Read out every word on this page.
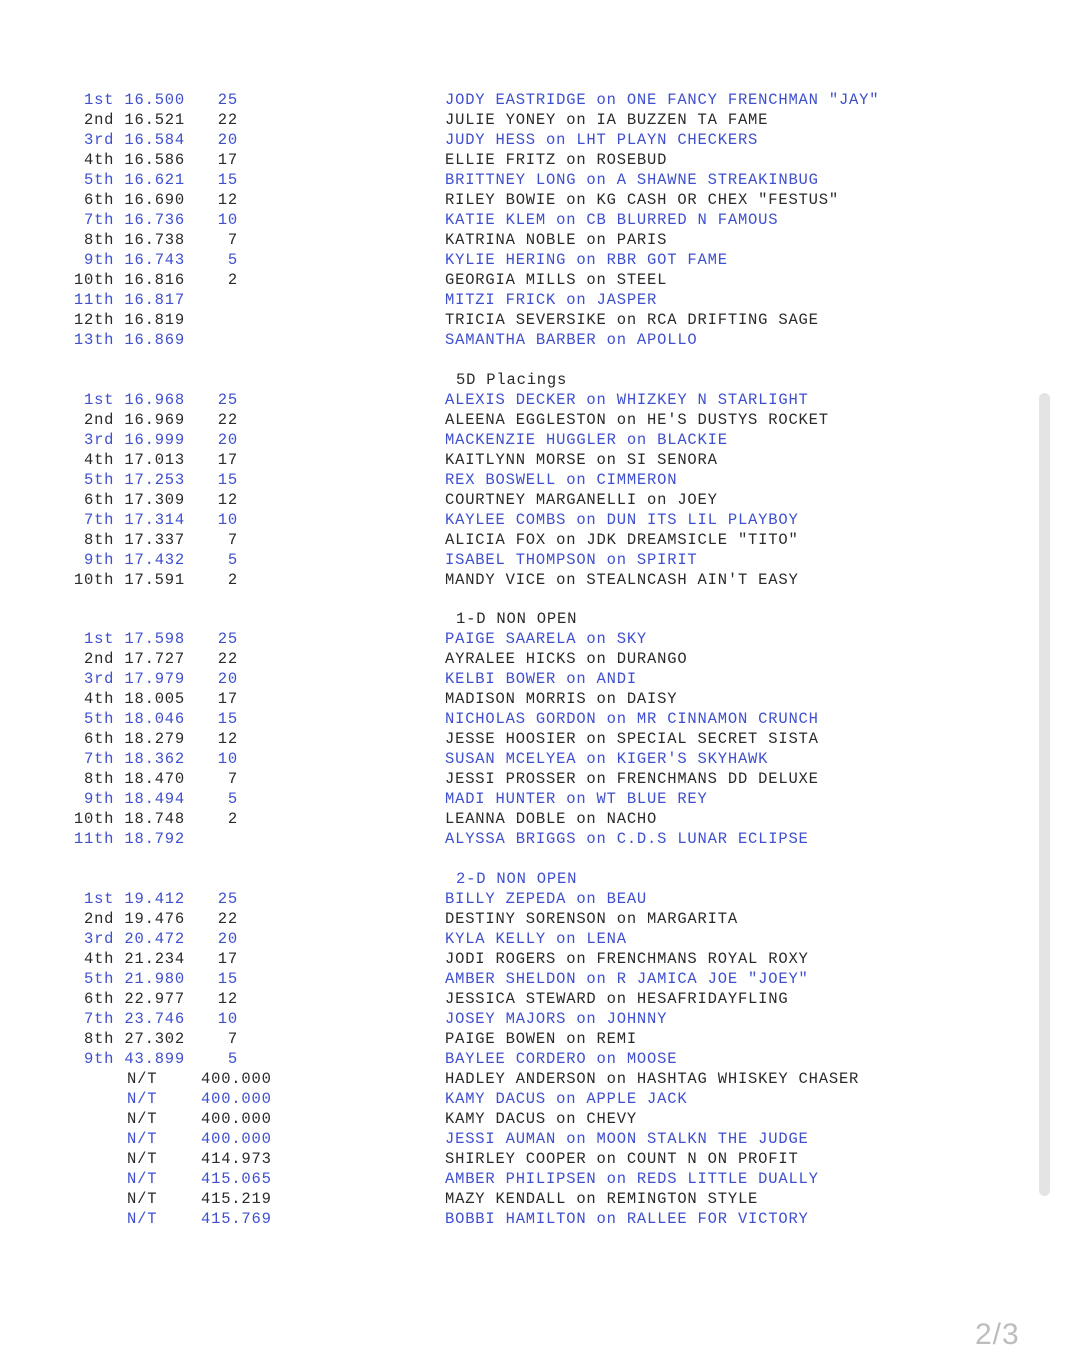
1st 16.500 25	JODY EASTRIDGE on ONE FANCY FRENCHMAN "JAY"
2nd 16.521 22	JULIE YONEY on IA BUZZEN TA FAME
3rd 16.584 20	JUDY HESS on LHT PLAYN CHECKERS
4th 16.586 17	ELLIE FRITZ on ROSEBUD
5th 16.621 15	BRITTNEY LONG on A SHAWNE STREAKINBUG
6th 16.690 12	RILEY BOWIE on KG CASH OR CHEX "FESTUS"
7th 16.736 10	KATIE KLEM on CB BLURRED N FAMOUS
8th 16.738	7	KATRINA NOBLE on PARIS
9th 16.743	5	KYLIE HERING on RBR GOT FAME
10th 16.816	2	GEORGIA MILLS on STEEL
11th 16.817	MITZI FRICK on JASPER
12th 16.819	TRICIA SEVERSIKE on RCA DRIFTING SAGE
13th 16.869	SAMANTHA BARBER on APOLLO
5D Placings
1st 16.968 25	ALEXIS DECKER on WHIZKEY N STARLIGHT
2nd 16.969 22	ALEENA EGGLESTON on HE'S DUSTYS ROCKET
3rd 16.999 20	MACKENZIE HUGGLER on BLACKIE
4th 17.013 17	KAITLYNN MORSE on SI SENORA
5th 17.253 15	REX BOSWELL on CIMMERON
6th 17.309 12	COURTNEY MARGANELLI on JOEY
7th 17.314 10	KAYLEE COMBS on DUN ITS LIL PLAYBOY
8th 17.337	7	ALICIA FOX on JDK DREAMSICLE "TITO"
9th 17.432	5	ISABEL THOMPSON on SPIRIT
10th 17.591	2	MANDY VICE on STEALNCASH AIN'T EASY
1-D NON OPEN
1st 17.598 25	PAIGE SAARELA on SKY
2nd 17.727 22	AYRALEE HICKS on DURANGO
3rd 17.979 20	KELBI BOWER on ANDI
4th 18.005 17	MADISON MORRIS on DAISY
5th 18.046 15	NICHOLAS GORDON on MR CINNAMON CRUNCH
6th 18.279 12	JESSE HOOSIER on SPECIAL SECRET SISTA
7th 18.362 10	SUSAN MCELYEA on KIGER'S SKYHAWK
8th 18.470	7	JESSI PROSSER on FRENCHMANS DD DELUXE
9th 18.494	5	MADI HUNTER on WT BLUE REY
10th 18.748	2	LEANNA DOBLE on NACHO
11th 18.792	ALYSSA BRIGGS on C.D.S LUNAR ECLIPSE
2-D NON OPEN
1st 19.412 25	BILLY ZEPEDA on BEAU
2nd 19.476 22	DESTINY SORENSON on MARGARITA
3rd 20.472 20	KYLA KELLY on LENA
4th 21.234 17	JODI ROGERS on FRENCHMANS ROYAL ROXY
5th 21.980 15	AMBER SHELDON on R JAMICA JOE "JOEY"
6th 22.977 12	JESSICA STEWARD on HESAFRIDAYFLING
7th 23.746 10	JOSEY MAJORS on JOHNNY
8th 27.302	7	PAIGE BOWEN on REMI
9th 43.899	5	BAYLEE CORDERO on MOOSE
N/T	400.000	HADLEY ANDERSON on HASHTAG WHISKEY CHASER
N/T	400.000	KAMY DACUS on APPLE JACK
N/T	400.000	KAMY DACUS on CHEVY
N/T	400.000	JESSI AUMAN on MOON STALKN THE JUDGE
N/T	414.973	SHIRLEY COOPER on COUNT N ON PROFIT
N/T	415.065	AMBER PHILIPSEN on REDS LITTLE DUALLY
N/T	415.219	MAZY KENDALL on REMINGTON STYLE
N/T	415.769	BOBBI HAMILTON on RALLEE FOR VICTORY
2/3
